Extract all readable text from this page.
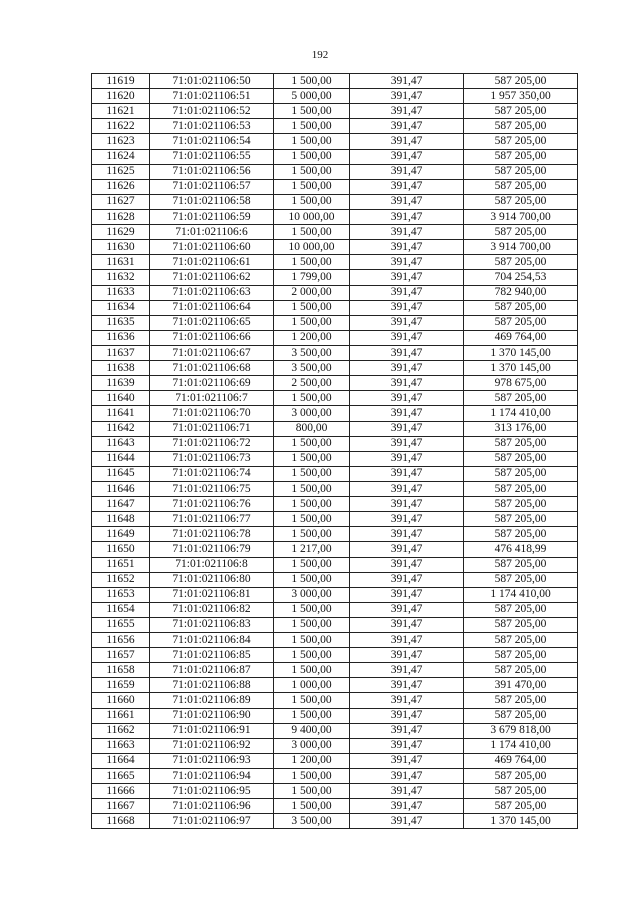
192
11619	71:01:021106:50	1 500,00	391,47	587 205,00
11620	71:01:021106:51	5 000,00	391,47	1 957 350,00
11621	71:01:021106:52	1 500,00	391,47	587 205,00
11622	71:01:021106:53	1 500,00	391,47	587 205,00
11623	71:01:021106:54	1 500,00	391,47	587 205,00
11624	71:01:021106:55	1 500,00	391,47	587 205,00
11625	71:01:021106:56	1 500,00	391,47	587 205,00
11626	71:01:021106:57	1 500,00	391,47	587 205,00
11627	71:01:021106:58	1 500,00	391,47	587 205,00
11628	71:01:021106:59	10 000,00	391,47	3 914 700,00
11629	71:01:021106:6	1 500,00	391,47	587 205,00
11630	71:01:021106:60	10 000,00	391,47	3 914 700,00
11631	71:01:021106:61	1 500,00	391,47	587 205,00
11632	71:01:021106:62	1 799,00	391,47	704 254,53
11633	71:01:021106:63	2 000,00	391,47	782 940,00
11634	71:01:021106:64	1 500,00	391,47	587 205,00
11635	71:01:021106:65	1 500,00	391,47	587 205,00
11636	71:01:021106:66	1 200,00	391,47	469 764,00
11637	71:01:021106:67	3 500,00	391,47	1 370 145,00
11638	71:01:021106:68	3 500,00	391,47	1 370 145,00
11639	71:01:021106:69	2 500,00	391,47	978 675,00
11640	71:01:021106:7	1 500,00	391,47	587 205,00
11641	71:01:021106:70	3 000,00	391,47	1 174 410,00
11642	71:01:021106:71	800,00	391,47	313 176,00
11643	71:01:021106:72	1 500,00	391,47	587 205,00
11644	71:01:021106:73	1 500,00	391,47	587 205,00
11645	71:01:021106:74	1 500,00	391,47	587 205,00
11646	71:01:021106:75	1 500,00	391,47	587 205,00
11647	71:01:021106:76	1 500,00	391,47	587 205,00
11648	71:01:021106:77	1 500,00	391,47	587 205,00
11649	71:01:021106:78	1 500,00	391,47	587 205,00
11650	71:01:021106:79	1 217,00	391,47	476 418,99
11651	71:01:021106:8	1 500,00	391,47	587 205,00
11652	71:01:021106:80	1 500,00	391,47	587 205,00
11653	71:01:021106:81	3 000,00	391,47	1 174 410,00
11654	71:01:021106:82	1 500,00	391,47	587 205,00
11655	71:01:021106:83	1 500,00	391,47	587 205,00
11656	71:01:021106:84	1 500,00	391,47	587 205,00
11657	71:01:021106:85	1 500,00	391,47	587 205,00
11658	71:01:021106:87	1 500,00	391,47	587 205,00
11659	71:01:021106:88	1 000,00	391,47	391 470,00
11660	71:01:021106:89	1 500,00	391,47	587 205,00
11661	71:01:021106:90	1 500,00	391,47	587 205,00
11662	71:01:021106:91	9 400,00	391,47	3 679 818,00
11663	71:01:021106:92	3 000,00	391,47	1 174 410,00
11664	71:01:021106:93	1 200,00	391,47	469 764,00
11665	71:01:021106:94	1 500,00	391,47	587 205,00
11666	71:01:021106:95	1 500,00	391,47	587 205,00
11667	71:01:021106:96	1 500,00	391,47	587 205,00
11668	71:01:021106:97	3 500,00	391,47	1 370 145,00
